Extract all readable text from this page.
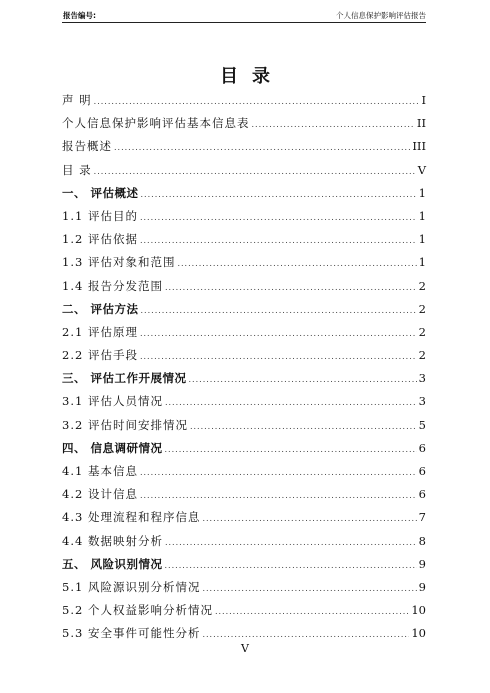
报告编号:	个人信息保护影响评估报告
目录
声 明 .....	I
个人信息保护影响评估基本信息表 .....	II
报告概述 .....	III
目 录 .....	V
一、 评估概述 .....	1
1.1 评估目的 .....	1
1.2 评估依据 .....	1
1.3 评估对象和范围 .....	1
1.4 报告分发范围 .....	2
二、 评估方法 .....	2
2.1 评估原理 .....	2
2.2 评估手段 .....	2
三、 评估工作开展情况 .....	3
3.1 评估人员情况 .....	3
3.2 评估时间安排情况 .....	5
四、 信息调研情况 .....	6
4.1 基本信息 .....	6
4.2 设计信息 .....	6
4.3 处理流程和程序信息 .....	7
4.4 数据映射分析 .....	8
五、 风险识别情况 .....	9
5.1 风险源识别分析情况 .....	9
5.2 个人权益影响分析情况 .....	10
5.3 安全事件可能性分析 .....	10
V
